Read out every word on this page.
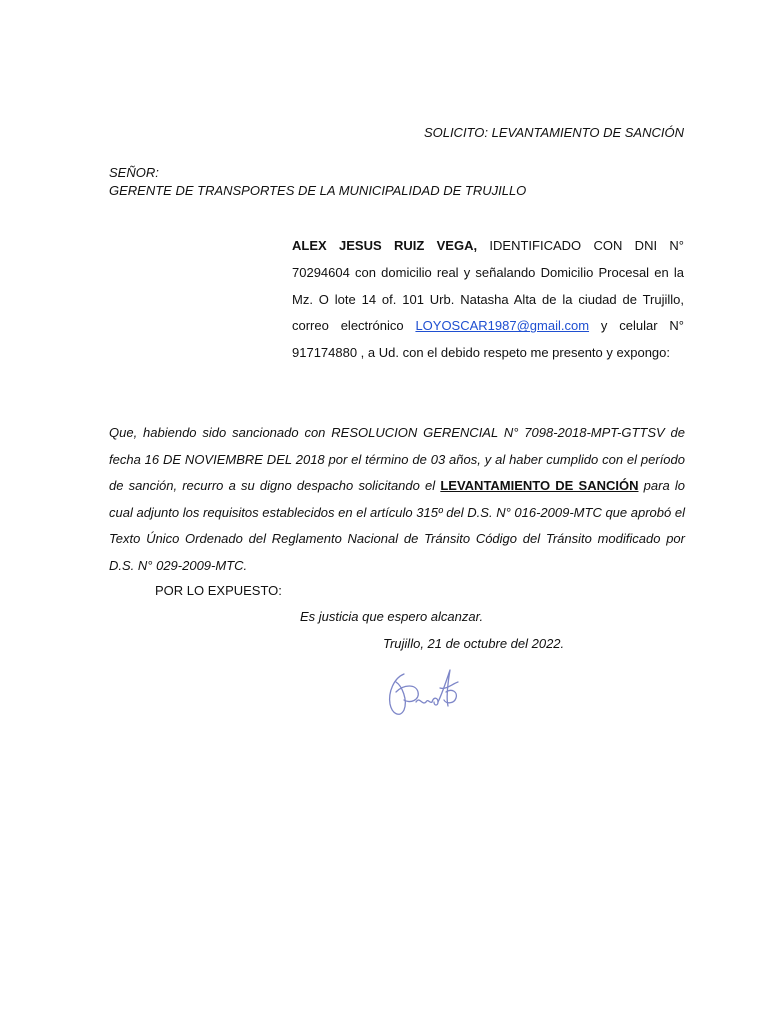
SOLICITO: LEVANTAMIENTO DE SANCIÓN
SEÑOR:
GERENTE DE TRANSPORTES DE LA MUNICIPALIDAD DE TRUJILLO
ALEX JESUS RUIZ VEGA, IDENTIFICADO CON DNI N° 70294604 con domicilio real y señalando Domicilio Procesal en la Mz. O lote 14 of. 101 Urb. Natasha Alta de la ciudad de Trujillo, correo electrónico LOYOSCAR1987@gmail.com y celular N° 917174880 , a Ud. con el debido respeto me presento y expongo:
Que, habiendo sido sancionado con RESOLUCION GERENCIAL N° 7098-2018-MPT-GTTSV de fecha 16 DE NOVIEMBRE DEL 2018 por el término de 03 años, y al haber cumplido con el período de sanción, recurro a su digno despacho solicitando el LEVANTAMIENTO DE SANCIÓN para lo cual adjunto los requisitos establecidos en el artículo 315º del D.S. N° 016-2009-MTC que aprobó el Texto Único Ordenado del Reglamento Nacional de Tránsito Código del Tránsito modificado por D.S. N° 029-2009-MTC.
POR LO EXPUESTO:
Es justicia que espero alcanzar.
Trujillo, 21 de octubre del 2022.
